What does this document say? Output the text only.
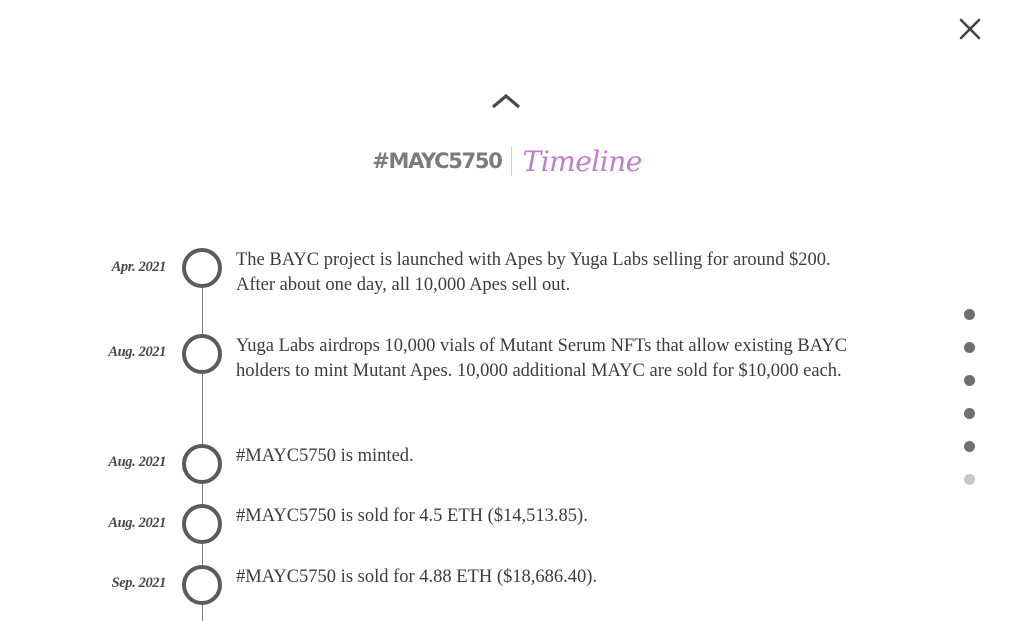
#MAYC5750 Timeline
Apr. 2021	The BAYC project is launched with Apes by Yuga Labs selling for around $200. After about one day, all 10,000 Apes sell out.
Aug. 2021	Yuga Labs airdrops 10,000 vials of Mutant Serum NFTs that allow existing BAYC holders to mint Mutant Apes. 10,000 additional MAYC are sold for $10,000 each.
Aug. 2021	#MAYC5750 is minted.
Aug. 2021	#MAYC5750 is sold for 4.5 ETH ($14,513.85).
Sep. 2021	#MAYC5750 is sold for 4.88 ETH ($18,686.40).
